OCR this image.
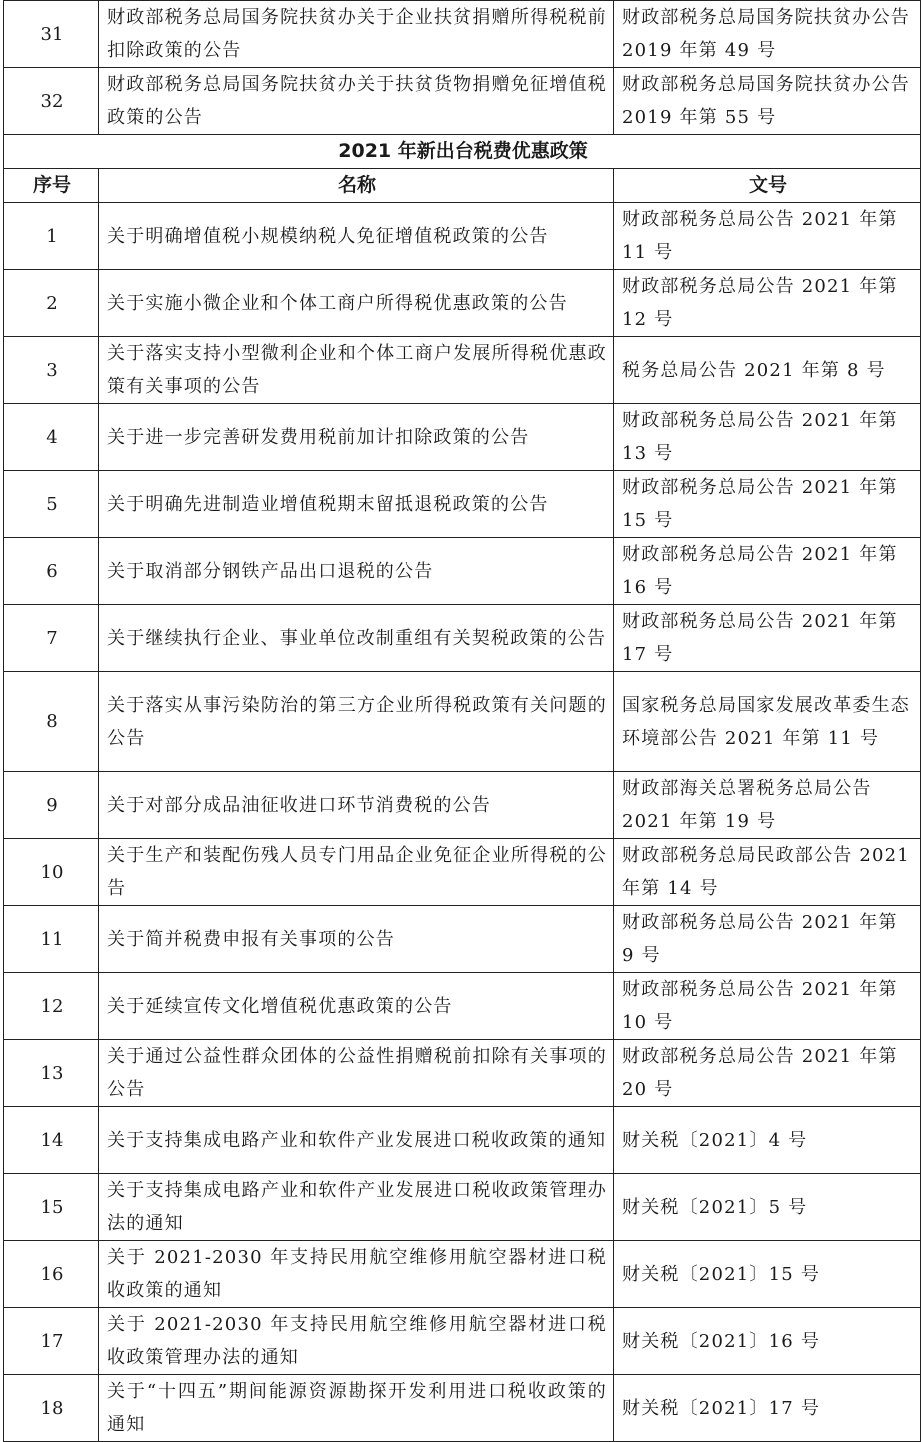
31	财政部税务总局国务院扶贫办关于企业扶贫捐赠所得税税前扣除政策的公告	财政部税务总局国务院扶贫办公告 2019 年第 49 号
32	财政部税务总局国务院扶贫办关于扶贫货物捐赠免征增值税政策的公告	财政部税务总局国务院扶贫办公告 2019 年第 55 号
2021 年新出台税费优惠政策		
序号	名称	文号
1	关于明确增值税小规模纳税人免征增值税政策的公告	财政部税务总局公告 2021 年第 11 号
2	关于实施小微企业和个体工商户所得税优惠政策的公告	财政部税务总局公告 2021 年第 12 号
3	关于落实支持小型微利企业和个体工商户发展所得税优惠政策有关事项的公告	税务总局公告 2021 年第 8 号
4	关于进一步完善研发费用税前加计扣除政策的公告	财政部税务总局公告 2021 年第 13 号
5	关于明确先进制造业增值税期末留抵退税政策的公告	财政部税务总局公告 2021 年第 15 号
6	关于取消部分钢铁产品出口退税的公告	财政部税务总局公告 2021 年第 16 号
7	关于继续执行企业、事业单位改制重组有关契税政策的公告	财政部税务总局公告 2021 年第 17 号
8	关于落实从事污染防治的第三方企业所得税政策有关问题的公告	国家税务总局国家发展改革委生态环境部公告 2021 年第 11 号
9	关于对部分成品油征收进口环节消费税的公告	财政部海关总署税务总局公告 2021 年第 19 号
10	关于生产和装配伤残人员专门用品企业免征企业所得税的公告	财政部税务总局民政部公告 2021 年第 14 号
11	关于简并税费申报有关事项的公告	财政部税务总局公告 2021 年第 9 号
12	关于延续宣传文化增值税优惠政策的公告	财政部税务总局公告 2021 年第 10 号
13	关于通过公益性群众团体的公益性捐赠税前扣除有关事项的公告	财政部税务总局公告 2021 年第 20 号
14	关于支持集成电路产业和软件产业发展进口税收政策的通知	财关税〔2021〕4 号
15	关于支持集成电路产业和软件产业发展进口税收政策管理办法的通知	财关税〔2021〕5 号
16	关于 2021-2030 年支持民用航空维修用航空器材进口税收政策的通知	财关税〔2021〕15 号
17	关于 2021-2030 年支持民用航空维修用航空器材进口税收政策管理办法的通知	财关税〔2021〕16 号
18	关于“十四五”期间能源资源勘探开发利用进口税收政策的通知	财关税〔2021〕17 号
